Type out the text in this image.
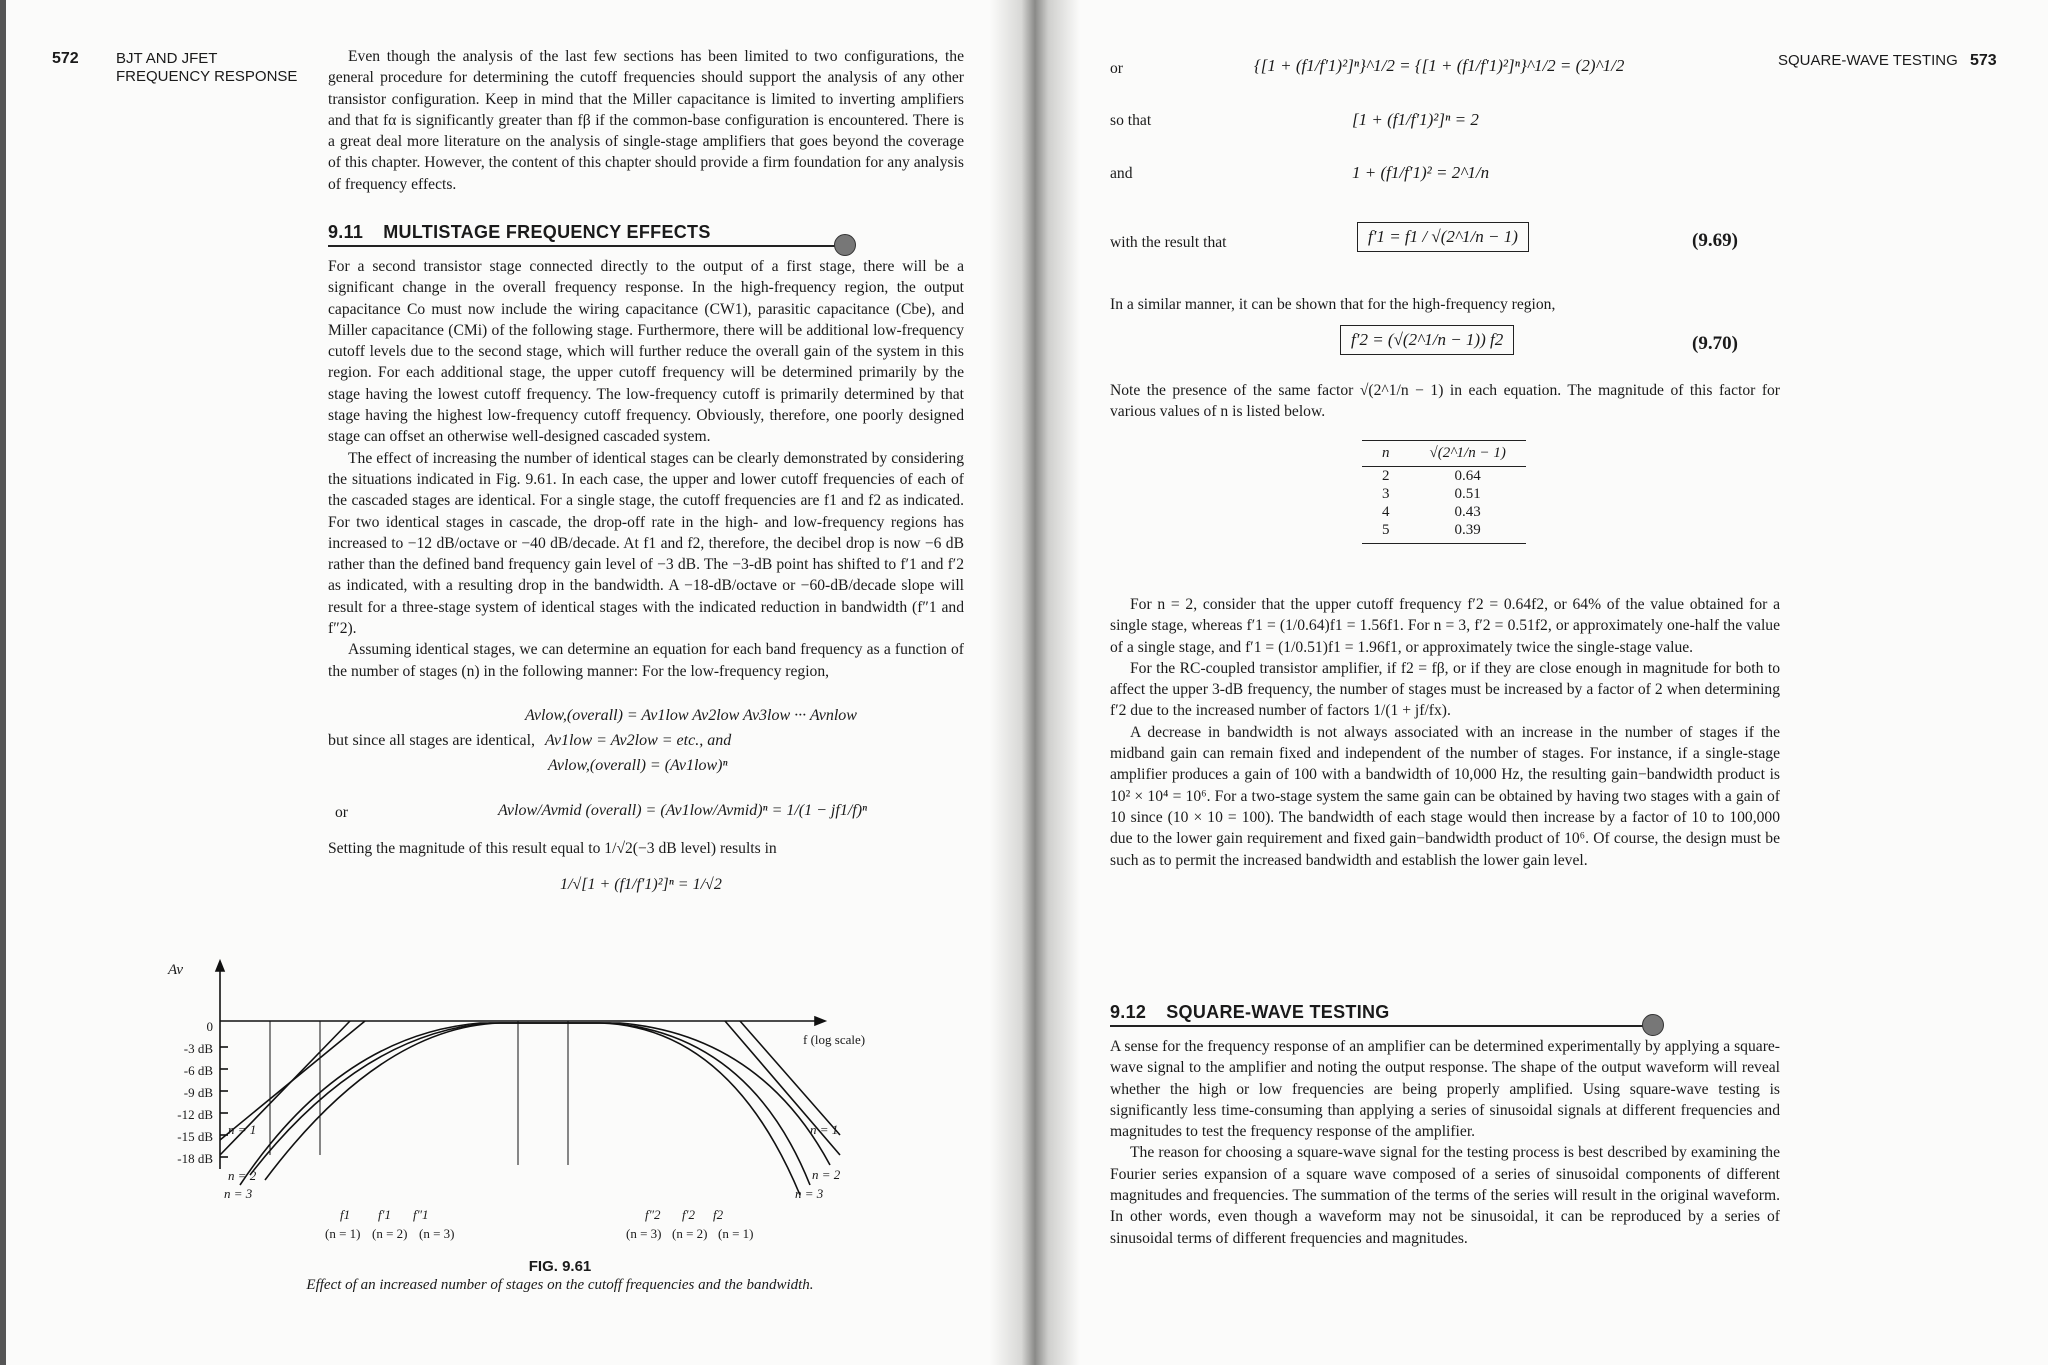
572 BJT AND JFET
FREQUENCY RESPONSE

Even though the analysis of the last few sections has been limited to two configurations, the general procedure for determining the cutoff frequencies should support the analysis of any other transistor configuration. Keep in mind that the Miller capacitance is limited to inverting amplifiers and that fα is significantly greater than fβ if the common-base configuration is encountered. There is a great deal more literature on the analysis of single-stage amplifiers that goes beyond the coverage of this chapter. However, the content of this chapter should provide a firm foundation for any analysis of frequency effects.

9.11 MULTISTAGE FREQUENCY EFFECTS

For a second transistor stage connected directly to the output of a first stage, there will be a significant change in the overall frequency response. In the high-frequency region, the output capacitance Co must now include the wiring capacitance (CW1), parasitic capacitance (Cbe), and Miller capacitance (CMi) of the following stage. Furthermore, there will be additional low-frequency cutoff levels due to the second stage, which will further reduce the overall gain of the system in this region. For each additional stage, the upper cutoff frequency will be determined primarily by the stage having the lowest cutoff frequency. The low-frequency cutoff is primarily determined by that stage having the highest low-frequency cutoff frequency. Obviously, therefore, one poorly designed stage can offset an otherwise well-designed cascaded system.

The effect of increasing the number of identical stages can be clearly demonstrated by considering the situations indicated in Fig. 9.61. In each case, the upper and lower cutoff frequencies of each of the cascaded stages are identical. For a single stage, the cutoff frequencies are f1 and f2 as indicated. For two identical stages in cascade, the drop-off rate in the high- and low-frequency regions has increased to −12 dB/octave or −40 dB/decade. At f1 and f2, therefore, the decibel drop is now −6 dB rather than the defined band frequency gain level of −3 dB. The −3-dB point has shifted to f′1 and f′2 as indicated, with a resulting drop in the bandwidth. A −18-dB/octave or −60-dB/decade slope will result for a three-stage system of identical stages with the indicated reduction in bandwidth (f″1 and f″2).

Assuming identical stages, we can determine an equation for each band frequency as a function of the number of stages (n) in the following manner: For the low-frequency region,

Avlow,(overall) = Av1low Av2low Av3low ··· Avnlow
but since all stages are identical, Av1low = Av2low = etc., and
Avlow,(overall) = (Av1low)ⁿ
or	Avlow/Avmid (overall) = (Av1low/Avmid)ⁿ = 1/(1 − jf1/f)ⁿ
Setting the magnitude of this result equal to 1/√2(−3 dB level) results in
1/√[1 + (f1/f′1)²]ⁿ = 1/√2
Av
f (log scale)
0
-3 dB
-6 dB
-9 dB
-12 dB
-15 dB
-18 dB
n = 1
n = 2
n = 3
n = 1
n = 2
n = 3
f1 f′1 f″1
(n = 1) (n = 2) (n = 3)
f″2 f′2 f2
(n = 3) (n = 2) (n = 1)
FIG. 9.61
Effect of an increased number of stages on the cutoff frequencies and the bandwidth.
SQUARE-WAVE TESTING 573
or	{[1 + (f1/f′1)²]ⁿ}^1/2 = {[1 + (f1/f′1)²]ⁿ}^1/2 = (2)^1/2
so that	[1 + (f1/f′1)²]ⁿ = 2
and	1 + (f1/f′1)² = 2^1/n
with the result that	f′1 = f1 / √(2^1/n − 1)	(9.69)

In a similar manner, it can be shown that for the high-frequency region,

f′2 = (√(2^1/n − 1)) f2	(9.70)

Note the presence of the same factor √(2^1/n − 1) in each equation. The magnitude of this factor for various values of n is listed below.

n	√(2^1/n − 1)
2	0.64
3	0.51
4	0.43
5	0.39

For n = 2, consider that the upper cutoff frequency f′2 = 0.64f2, or 64% of the value obtained for a single stage, whereas f′1 = (1/0.64)f1 = 1.56f1. For n = 3, f′2 = 0.51f2, or approximately one-half the value of a single stage, and f′1 = (1/0.51)f1 = 1.96f1, or approximately twice the single-stage value.

For the RC-coupled transistor amplifier, if f2 = fβ, or if they are close enough in magnitude for both to affect the upper 3-dB frequency, the number of stages must be increased by a factor of 2 when determining f′2 due to the increased number of factors 1/(1 + jf/fx).

A decrease in bandwidth is not always associated with an increase in the number of stages if the midband gain can remain fixed and independent of the number of stages. For instance, if a single-stage amplifier produces a gain of 100 with a bandwidth of 10,000 Hz, the resulting gain−bandwidth product is 10² × 10⁴ = 10⁶. For a two-stage system the same gain can be obtained by having two stages with a gain of 10 since (10 × 10 = 100). The bandwidth of each stage would then increase by a factor of 10 to 100,000 due to the lower gain requirement and fixed gain−bandwidth product of 10⁶. Of course, the design must be such as to permit the increased bandwidth and establish the lower gain level.

9.12 SQUARE-WAVE TESTING

A sense for the frequency response of an amplifier can be determined experimentally by applying a square-wave signal to the amplifier and noting the output response. The shape of the output waveform will reveal whether the high or low frequencies are being properly amplified. Using square-wave testing is significantly less time-consuming than applying a series of sinusoidal signals at different frequencies and magnitudes to test the frequency response of the amplifier.

The reason for choosing a square-wave signal for the testing process is best described by examining the Fourier series expansion of a square wave composed of a series of sinusoidal components of different magnitudes and frequencies. The summation of the terms of the series will result in the original waveform. In other words, even though a waveform may not be sinusoidal, it can be reproduced by a series of sinusoidal terms of different frequencies and magnitudes.
